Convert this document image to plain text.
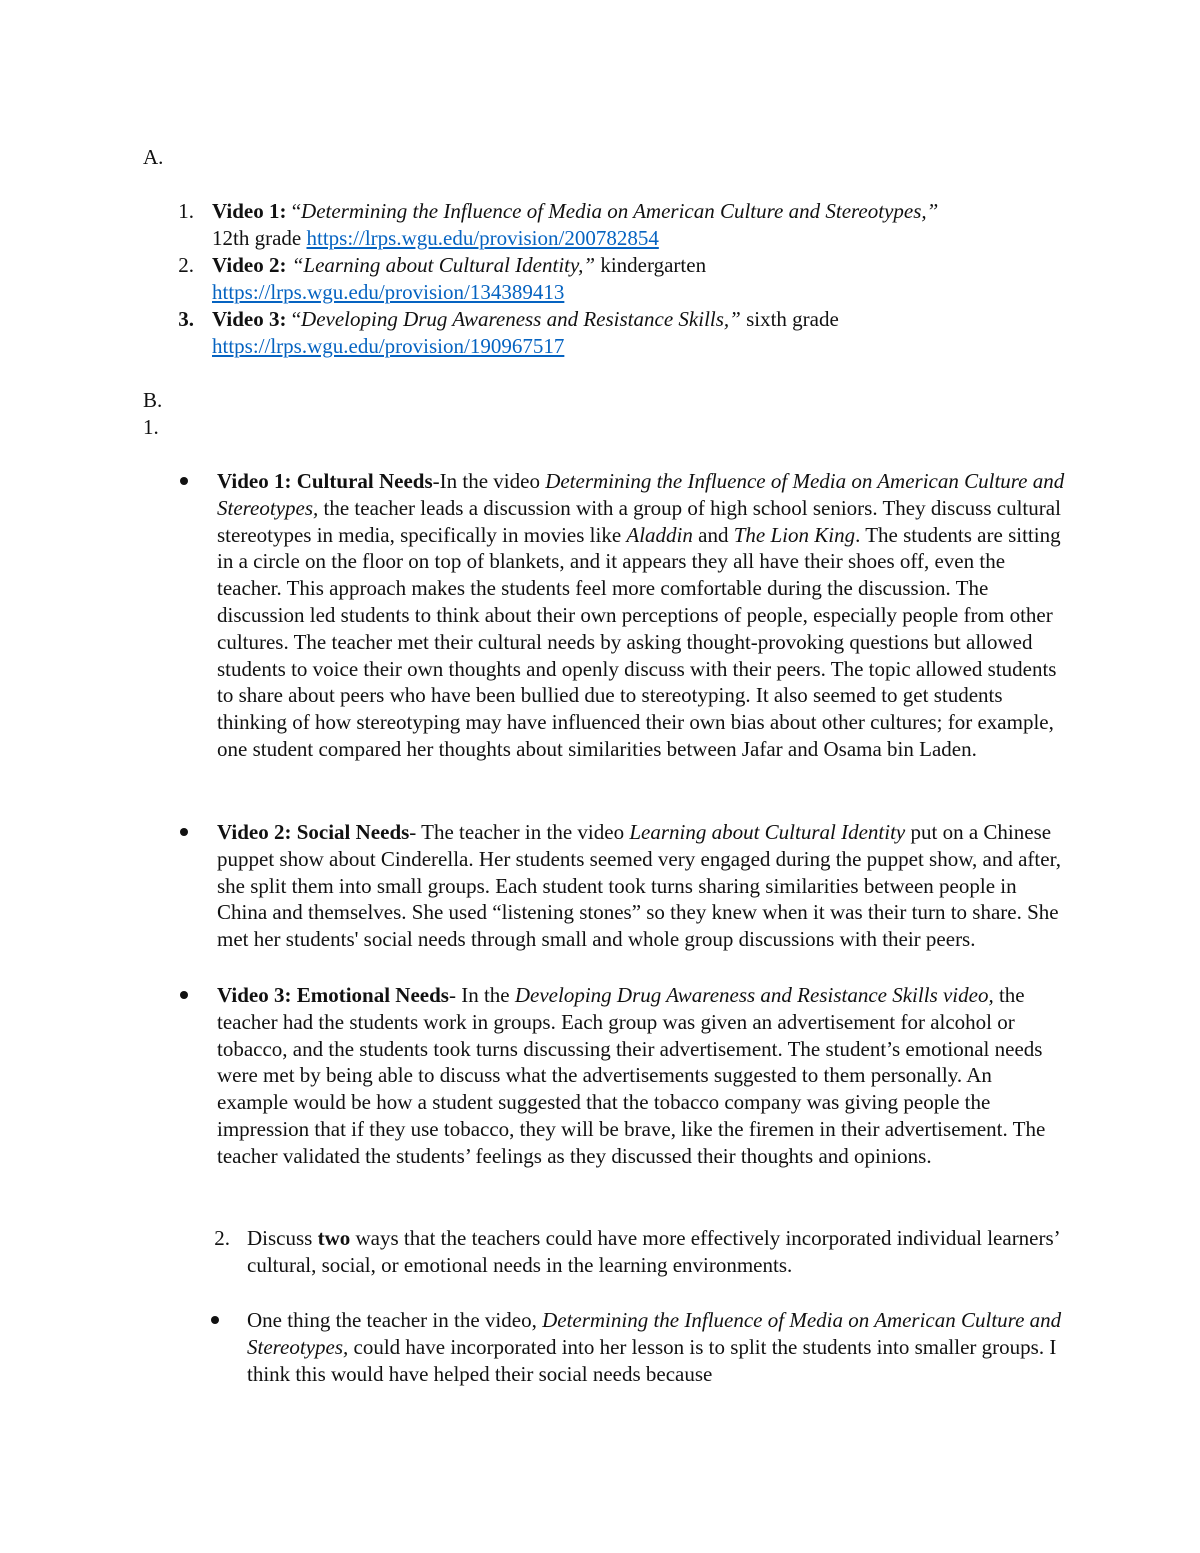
A.
1. Video 1: “Determining the Influence of Media on American Culture and Stereotypes,”
12th grade https://lrps.wgu.edu/provision/200782854
2. Video 2: “Learning about Cultural Identity,” kindergarten
https://lrps.wgu.edu/provision/134389413
3. Video 3: “Developing Drug Awareness and Resistance Skills,” sixth grade
https://lrps.wgu.edu/provision/190967517
B.
1.
Video 1: Cultural Needs-In the video Determining the Influence of Media on American Culture and Stereotypes, the teacher leads a discussion with a group of high school seniors. They discuss cultural stereotypes in media, specifically in movies like Aladdin and The Lion King. The students are sitting in a circle on the floor on top of blankets, and it appears they all have their shoes off, even the teacher. This approach makes the students feel more comfortable during the discussion. The discussion led students to think about their own perceptions of people, especially people from other cultures. The teacher met their cultural needs by asking thought-provoking questions but allowed students to voice their own thoughts and openly discuss with their peers. The topic allowed students to share about peers who have been bullied due to stereotyping. It also seemed to get students thinking of how stereotyping may have influenced their own bias about other cultures; for example, one student compared her thoughts about similarities between Jafar and Osama bin Laden.
Video 2: Social Needs- The teacher in the video Learning about Cultural Identity put on a Chinese puppet show about Cinderella. Her students seemed very engaged during the puppet show, and after, she split them into small groups. Each student took turns sharing similarities between people in China and themselves. She used “listening stones” so they knew when it was their turn to share. She met her students' social needs through small and whole group discussions with their peers.
Video 3: Emotional Needs- In the Developing Drug Awareness and Resistance Skills video, the teacher had the students work in groups. Each group was given an advertisement for alcohol or tobacco, and the students took turns discussing their advertisement. The student’s emotional needs were met by being able to discuss what the advertisements suggested to them personally. An example would be how a student suggested that the tobacco company was giving people the impression that if they use tobacco, they will be brave, like the firemen in their advertisement. The teacher validated the students’ feelings as they discussed their thoughts and opinions.
2. Discuss two ways that the teachers could have more effectively incorporated individual learners’ cultural, social, or emotional needs in the learning environments.
One thing the teacher in the video, Determining the Influence of Media on American Culture and Stereotypes, could have incorporated into her lesson is to split the students into smaller groups. I think this would have helped their social needs because
